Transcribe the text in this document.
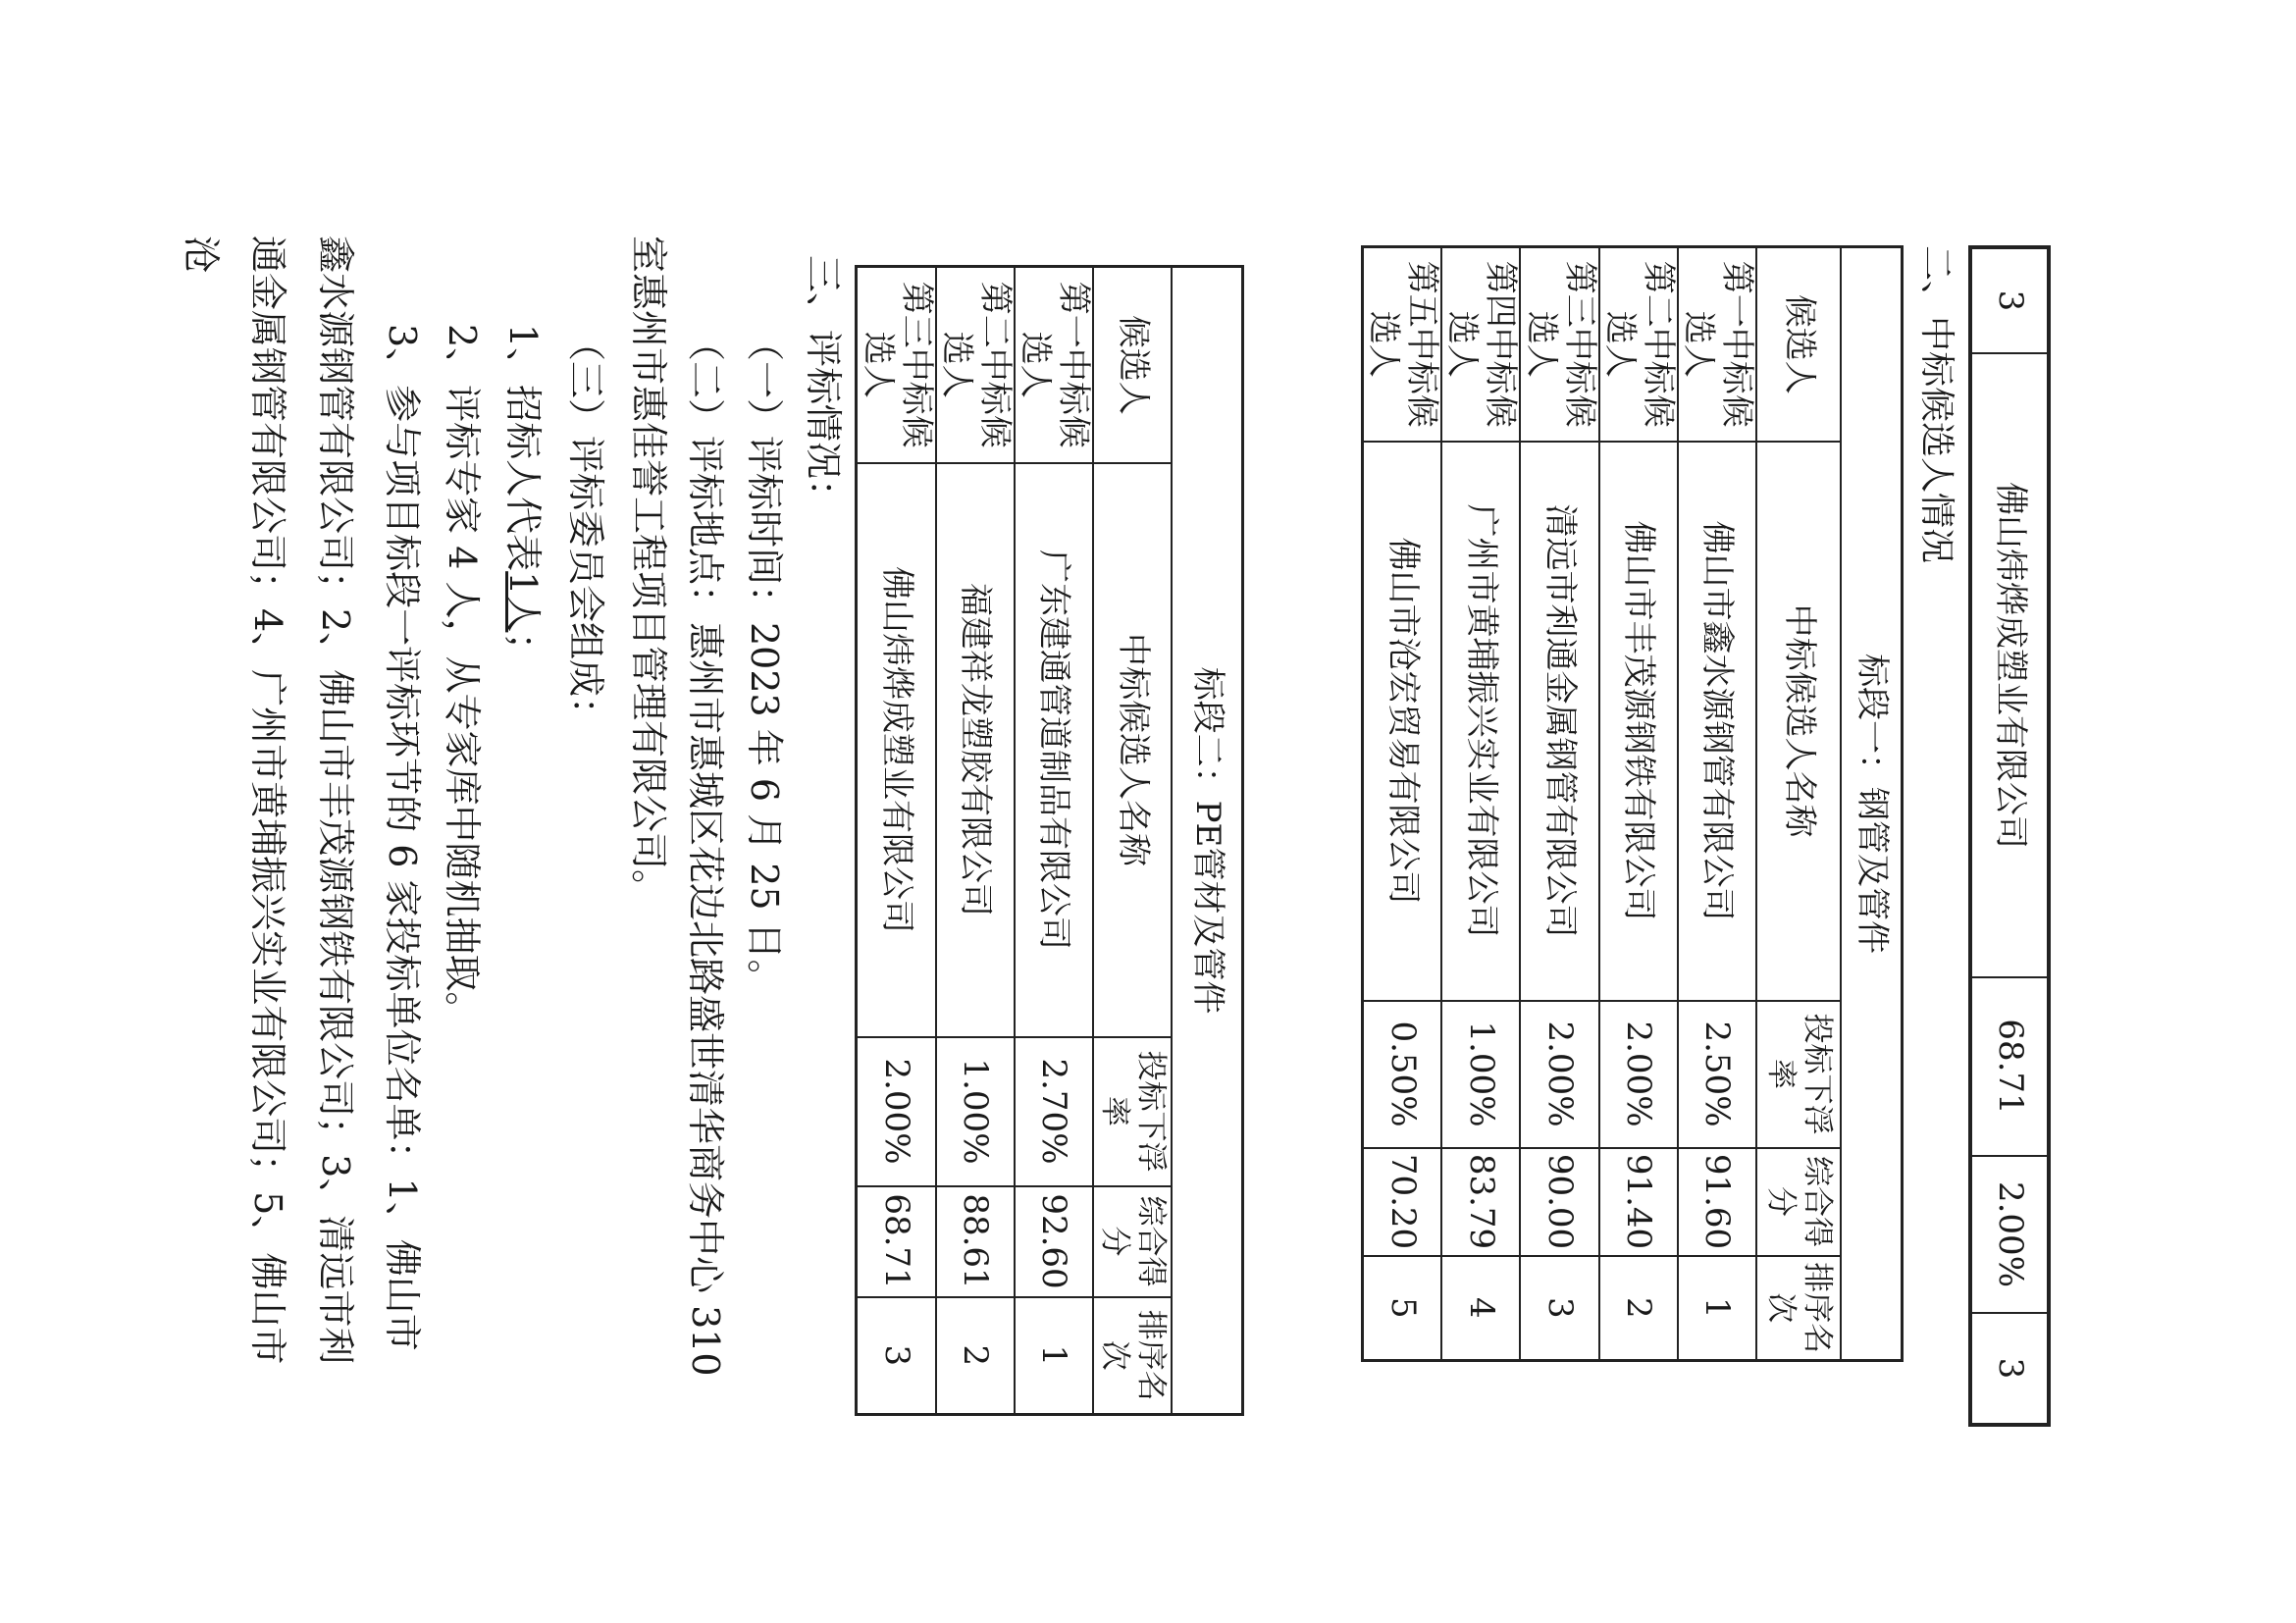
3	佛山炜烨成塑业有限公司	68.71	2.00%	3
二、中标候选人情况
标段一：钢管及管件				
候选人	中标候选人名称	投标下浮率	综合得分	排序名次
第一中标候选人	佛山市鑫水源钢管有限公司	2.50%	91.60	1
第二中标候选人	佛山市丰茂源钢铁有限公司	2.00%	91.40	2
第三中标候选人	清远市利通金属钢管有限公司	2.00%	90.00	3
第四中标候选人	广州市黄埔振兴实业有限公司	1.00%	83.79	4
第五中标候选人	佛山市沧宏贸易有限公司	0.50%	70.20	5
标段二：PE管材及管件				
候选人	中标候选人名称	投标下浮率	综合得分	排序名次
第一中标候选人	广东建通管道制品有限公司	2.70%	92.60	1
第二中标候选人	福建祥龙塑胶有限公司	1.00%	88.61	2
第三中标候选人	佛山炜烨成塑业有限公司	2.00%	68.71	3
三、评标情况：
（一）评标时间：2023 年 6 月 25 日。
（二）评标地点：惠州市惠城区花边北路盛世清华商务中心 310
室惠州市惠佳誉工程项目管理有限公司。
（三）评标委员会组成：
1、招标人代表1人；
2、评标专家 4 人，从专家库中随机抽取。
3、参与项目标段一评标环节的 6 家投标单位名单：1、佛山市鑫水源钢管有限公司；2、佛山市丰茂源钢铁有限公司；3、清远市利通金属钢管有限公司；4、广州市黄埔振兴实业有限公司；5、佛山市沧
